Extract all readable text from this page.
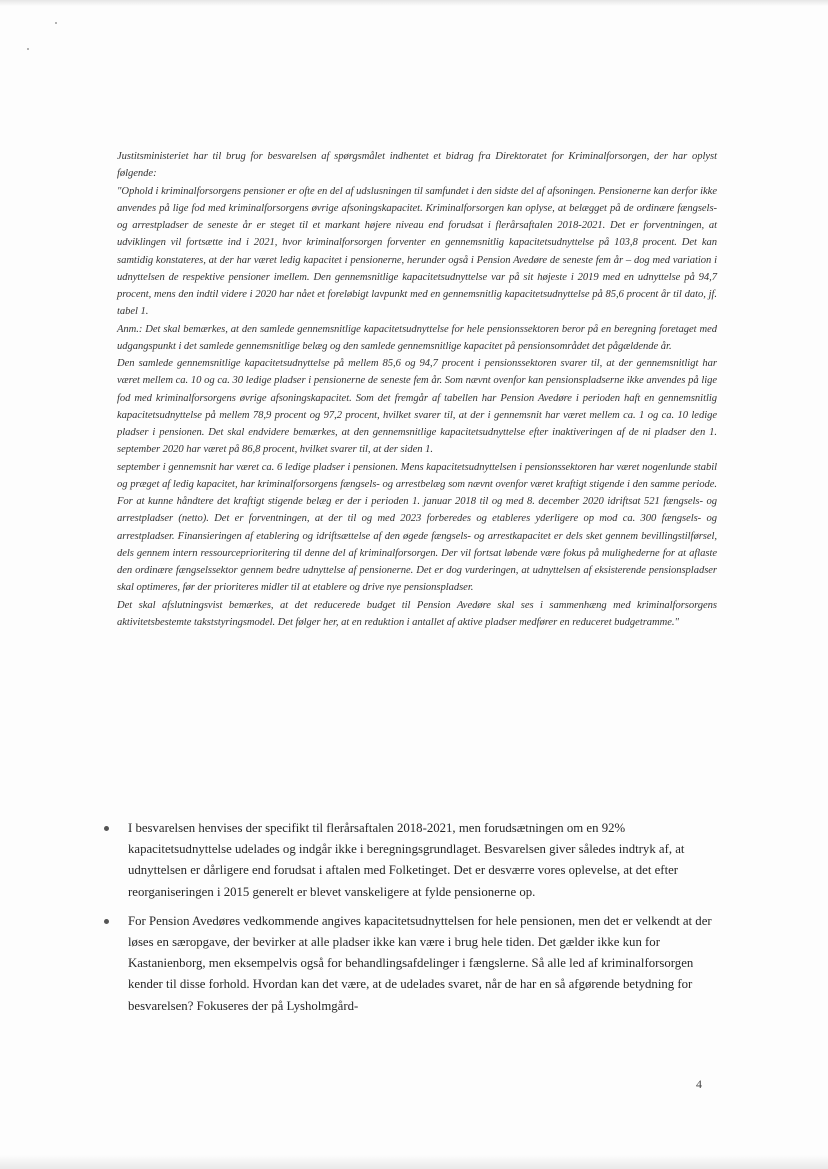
Justitsministeriet har til brug for besvarelsen af spørgsmålet indhentet et bidrag fra Direktoratet for Kriminalforsorgen, der har oplyst følgende:

"Ophold i kriminalforsorgens pensioner er ofte en del af udslusningen til samfundet i den sidste del af afsoningen. Pensionerne kan derfor ikke anvendes på lige fod med kriminalforsorgens øvrige afsoningskapacitet. Kriminalforsorgen kan oplyse, at belægget på de ordinære fængsels- og arrestpladser de seneste år er steget til et markant højere niveau end forudsat i flerårsaftalen 2018-2021. Det er forventningen, at udviklingen vil fortsætte ind i 2021, hvor kriminalforsorgen forventer en gennemsnitlig kapacitetsudnyttelse på 103,8 procent. Det kan samtidig konstateres, at der har været ledig kapacitet i pensionerne, herunder også i Pension Avedøre de seneste fem år – dog med variation i udnyttelsen de respektive pensioner imellem. Den gennemsnitlige kapacitetsudnyttelse var på sit højeste i 2019 med en udnyttelse på 94,7 procent, mens den indtil videre i 2020 har nået et foreløbigt lavpunkt med en gennemsnitlig kapacitetsudnyttelse på 85,6 procent år til dato, jf. tabel 1.

Anm.: Det skal bemærkes, at den samlede gennemsnitlige kapacitetsudnyttelse for hele pensionssektoren beror på en beregning foretaget med udgangspunkt i det samlede gennemsnitlige belæg og den samlede gennemsnitlige kapacitet på pensionsområdet det pågældende år.

Den samlede gennemsnitlige kapacitetsudnyttelse på mellem 85,6 og 94,7 procent i pensionssektoren svarer til, at der gennemsnitligt har været mellem ca. 10 og ca. 30 ledige pladser i pensionerne de seneste fem år. Som nævnt ovenfor kan pensionspladserne ikke anvendes på lige fod med kriminalforsorgens øvrige afsoningskapacitet. Som det fremgår af tabellen har Pension Avedøre i perioden haft en gennemsnitlig kapacitetsudnyttelse på mellem 78,9 procent og 97,2 procent, hvilket svarer til, at der i gennemsnit har været mellem ca. 1 og ca. 10 ledige pladser i pensionen. Det skal endvidere bemærkes, at den gennemsnitlige kapacitetsudnyttelse efter inaktiveringen af de ni pladser den 1. september 2020 har været på 86,8 procent, hvilket svarer til, at der siden 1.

september i gennemsnit har været ca. 6 ledige pladser i pensionen. Mens kapacitetsudnyttelsen i pensionssektoren har været nogenlunde stabil og præget af ledig kapacitet, har kriminalforsorgens fængsels- og arrestbelæg som nævnt ovenfor været kraftigt stigende i den samme periode. For at kunne håndtere det kraftigt stigende belæg er der i perioden 1. januar 2018 til og med 8. december 2020 idriftsat 521 fængsels- og arrestpladser (netto). Det er forventningen, at der til og med 2023 forberedes og etableres yderligere op mod ca. 300 fængsels- og arrestpladser. Finansieringen af etablering og idriftsættelse af den øgede fængsels- og arrestkapacitet er dels sket gennem bevillingstilførsel, dels gennem intern ressourceprioritering til denne del af kriminalforsorgen. Der vil fortsat løbende være fokus på mulighederne for at aflaste den ordinære fængselssektor gennem bedre udnyttelse af pensionerne. Det er dog vurderingen, at udnyttelsen af eksisterende pensionspladser skal optimeres, før der prioriteres midler til at etablere og drive nye pensionspladser.

Det skal afslutningsvist bemærkes, at det reducerede budget til Pension Avedøre skal ses i sammenhæng med kriminalforsorgens aktivitetsbestemte takststyringsmodel. Det følger her, at en reduktion i antallet af aktive pladser medfører en reduceret budgetramme."

I besvarelsen henvises der specifikt til flerårsaftalen 2018-2021, men forudsætningen om en 92% kapacitetsudnyttelse udelades og indgår ikke i beregningsgrundlaget. Besvarelsen giver således indtryk af, at udnyttelsen er dårligere end forudsat i aftalen med Folketinget. Det er desværre vores oplevelse, at det efter reorganiseringen i 2015 generelt er blevet vanskeligere at fylde pensionerne op.
For Pension Avedøres vedkommende angives kapacitetsudnyttelsen for hele pensionen, men det er velkendt at der løses en særopgave, der bevirker at alle pladser ikke kan være i brug hele tiden. Det gælder ikke kun for Kastanienborg, men eksempelvis også for behandlingsafdelinger i fængslerne. Så alle led af kriminalforsorgen kender til disse forhold. Hvordan kan det være, at de udelades svaret, når de har en så afgørende betydning for besvarelsen? Fokuseres der på Lysholmgård-
4
